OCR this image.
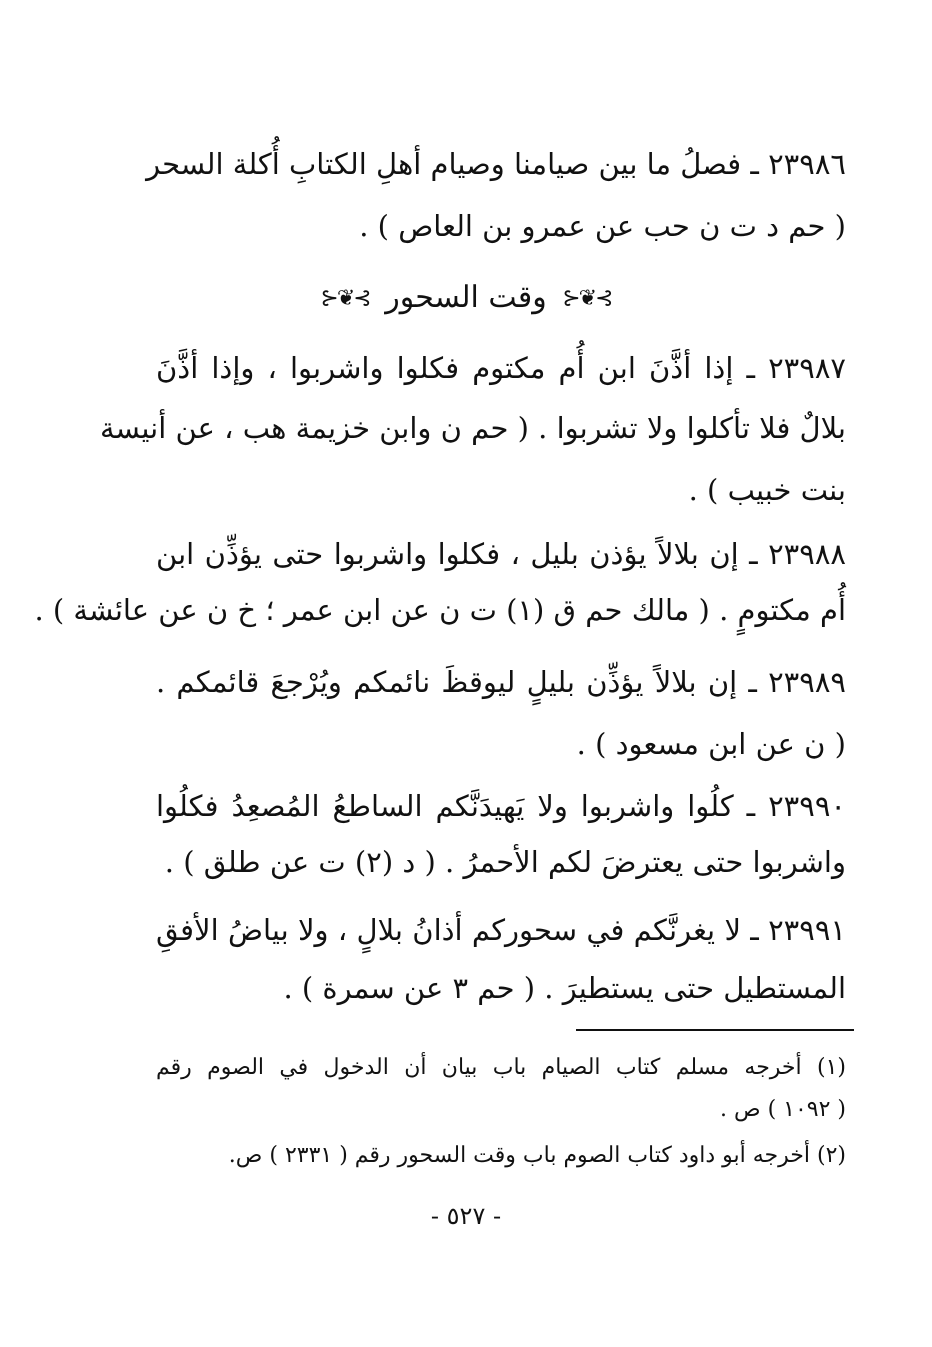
٢٣٩٨٦ ـ فصلُ ما بين صيامنا وصيام أهلِ الكتابِ أُكلة السحر
( حم د ت ن حب عن عمرو بن العاص ) .
⊱❦⊰ وقت السحور ⊱❦⊰
٢٣٩٨٧ ـ إذا أذَّنَ ابن أُم مكتوم فكلوا واشربوا ، وإذا أذَّنَ
بلالٌ فلا تأكلوا ولا تشربوا . ( حم ن وابن خزيمة هب ، عن أنيسة
بنت خبيب ) .
٢٣٩٨٨ ـ إن بلالاً يؤذن بليل ، فكلوا واشربوا حتى يؤذِّن ابن
أُم مكتومٍ . ( مالك حم ق (١) ت ن عن ابن عمر ؛ خ ن عن عائشة ) .
٢٣٩٨٩ ـ إن بلالاً يؤذِّن بليلٍ ليوقظَ نائمكم ويُرْجعَ قائمكم .
( ن عن ابن مسعود ) .
٢٣٩٩٠ ـ كلُوا واشربوا ولا يَهيدَنَّكم الساطعُ المُصعِدُ فكلُوا
واشربوا حتى يعترضَ لكم الأحمرُ . ( د (٢) ت عن طلق ) .
٢٣٩٩١ ـ لا يغرنَّكم في سحوركم أذانُ بلالٍ ، ولا بياضُ الأفقِ
المستطيل حتى يستطيرَ . ( حم ٣ عن سمرة ) .
(١) أخرجه مسلم كتاب الصيام باب بيان أن الدخول في الصوم رقم
( ١٠٩٢ ) ص .
(٢) أخرجه أبو داود كتاب الصوم باب وقت السحور رقم ( ٢٣٣١ ) ص.
- ٥٢٧ -
